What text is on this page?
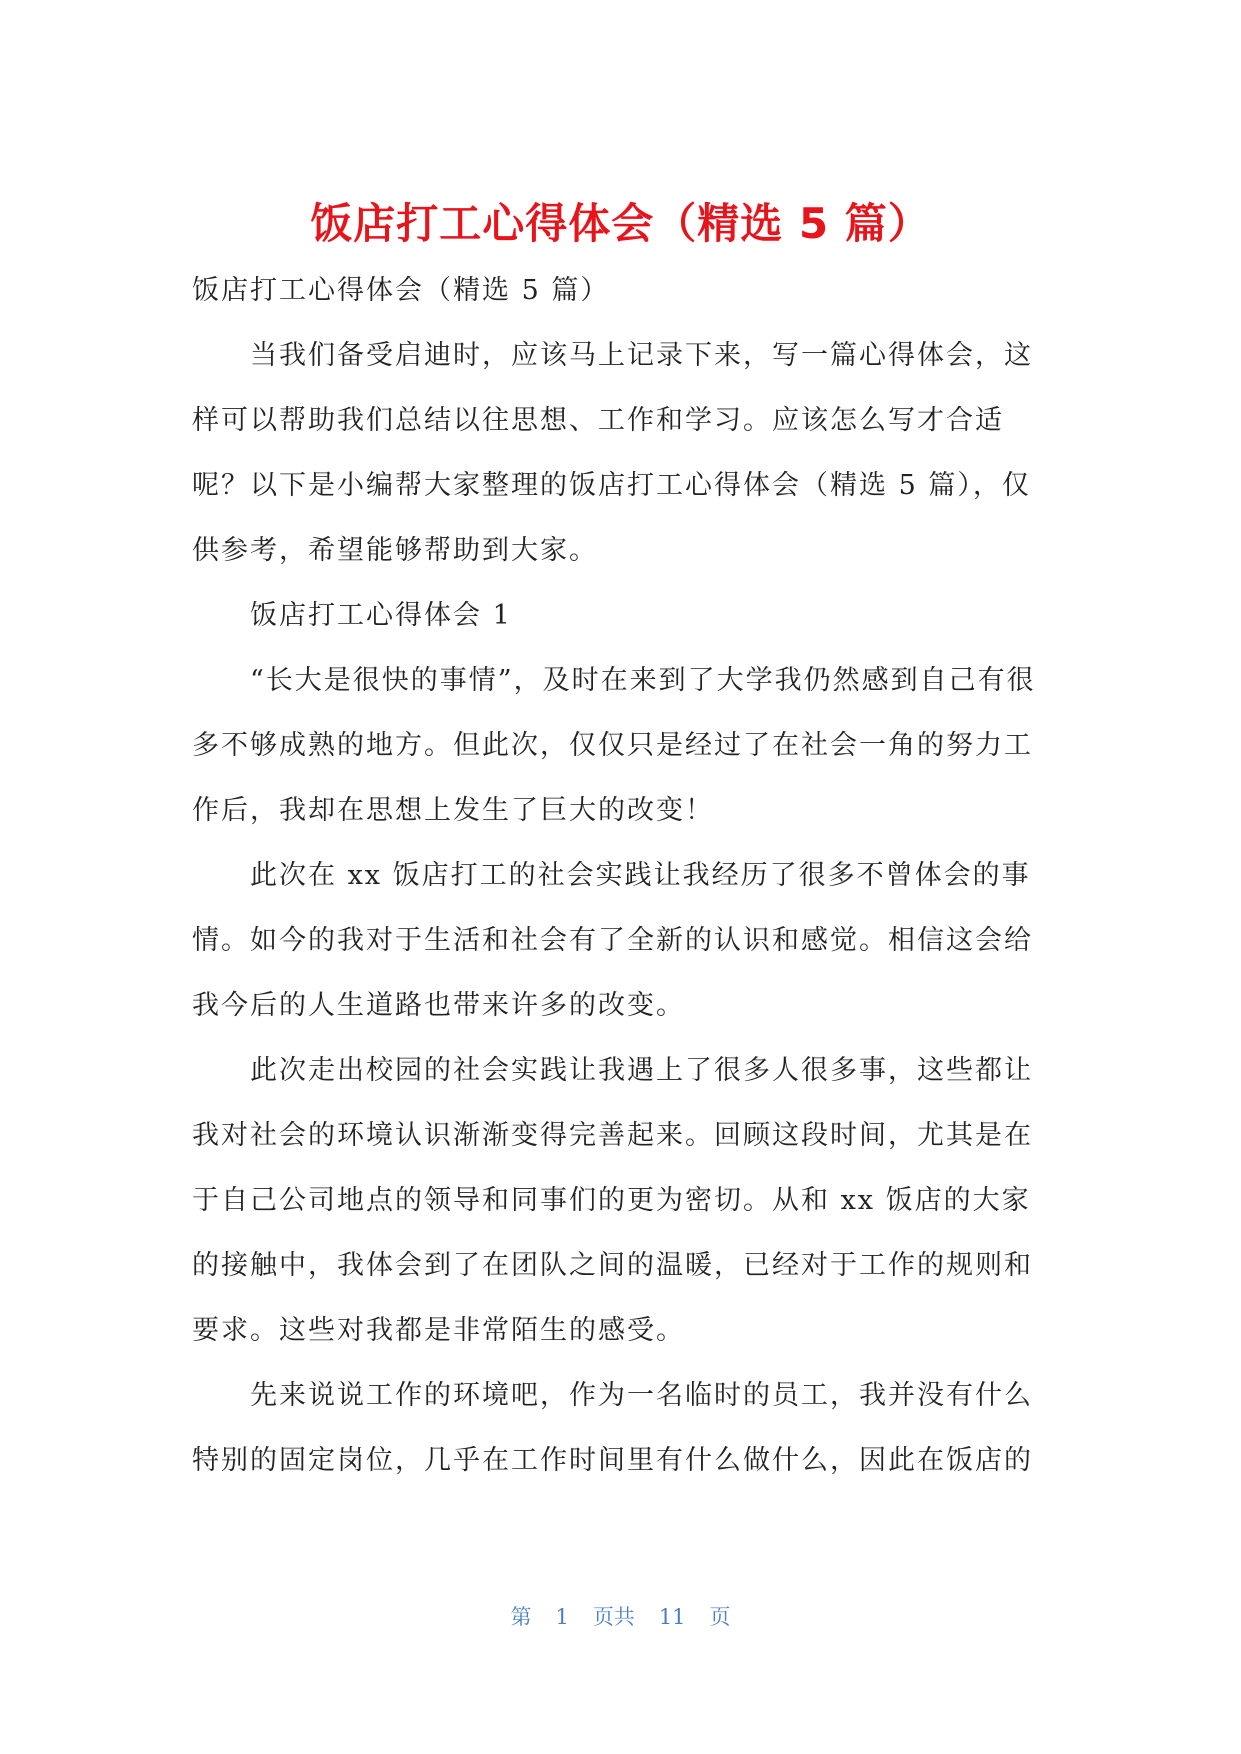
饭店打工心得体会（精选 5 篇）

饭店打工心得体会（精选 5 篇）

当我们备受启迪时，应该马上记录下来，写一篇心得体会，这样可以帮助我们总结以往思想、工作和学习。应该怎么写才合适呢？以下是小编帮大家整理的饭店打工心得体会（精选 5 篇），仅供参考，希望能够帮助到大家。

饭店打工心得体会 1

“长大是很快的事情”，及时在来到了大学我仍然感到自己有很多不够成熟的地方。但此次，仅仅只是经过了在社会一角的努力工作后，我却在思想上发生了巨大的改变！

此次在 xx 饭店打工的社会实践让我经历了很多不曾体会的事情。如今的我对于生活和社会有了全新的认识和感觉。相信这会给我今后的人生道路也带来许多的改变。

此次走出校园的社会实践让我遇上了很多人很多事，这些都让我对社会的环境认识渐渐变得完善起来。回顾这段时间，尤其是在于自己公司地点的领导和同事们的更为密切。从和 xx 饭店的大家的接触中，我体会到了在团队之间的温暖，已经对于工作的规则和要求。这些对我都是非常陌生的感受。

先来说说工作的环境吧，作为一名临时的员工，我并没有什么特别的固定岗位，几乎在工作时间里有什么做什么，因此在饭店的

第 1 页共 11 页
